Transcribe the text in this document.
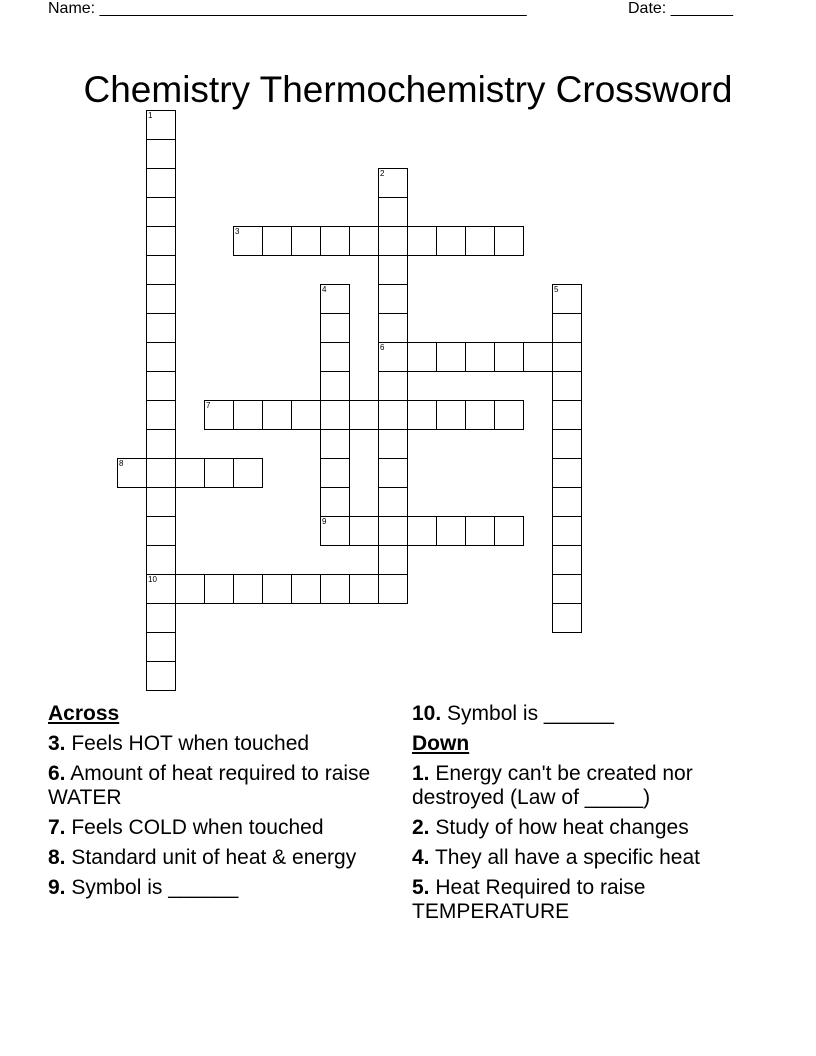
Name: ________________________________________________	Date: _______
Chemistry Thermochemistry Crossword
1
10
2
6
3
4
9
5
7
8
Across
3. Feels HOT when touched
6. Amount of heat required to raise WATER
7. Feels COLD when touched
8. Standard unit of heat & energy
9. Symbol is ______
10. Symbol is ______
Down
1. Energy can't be created nor destroyed (Law of _____)
2. Study of how heat changes
4. They all have a specific heat
5. Heat Required to raise TEMPERATURE
